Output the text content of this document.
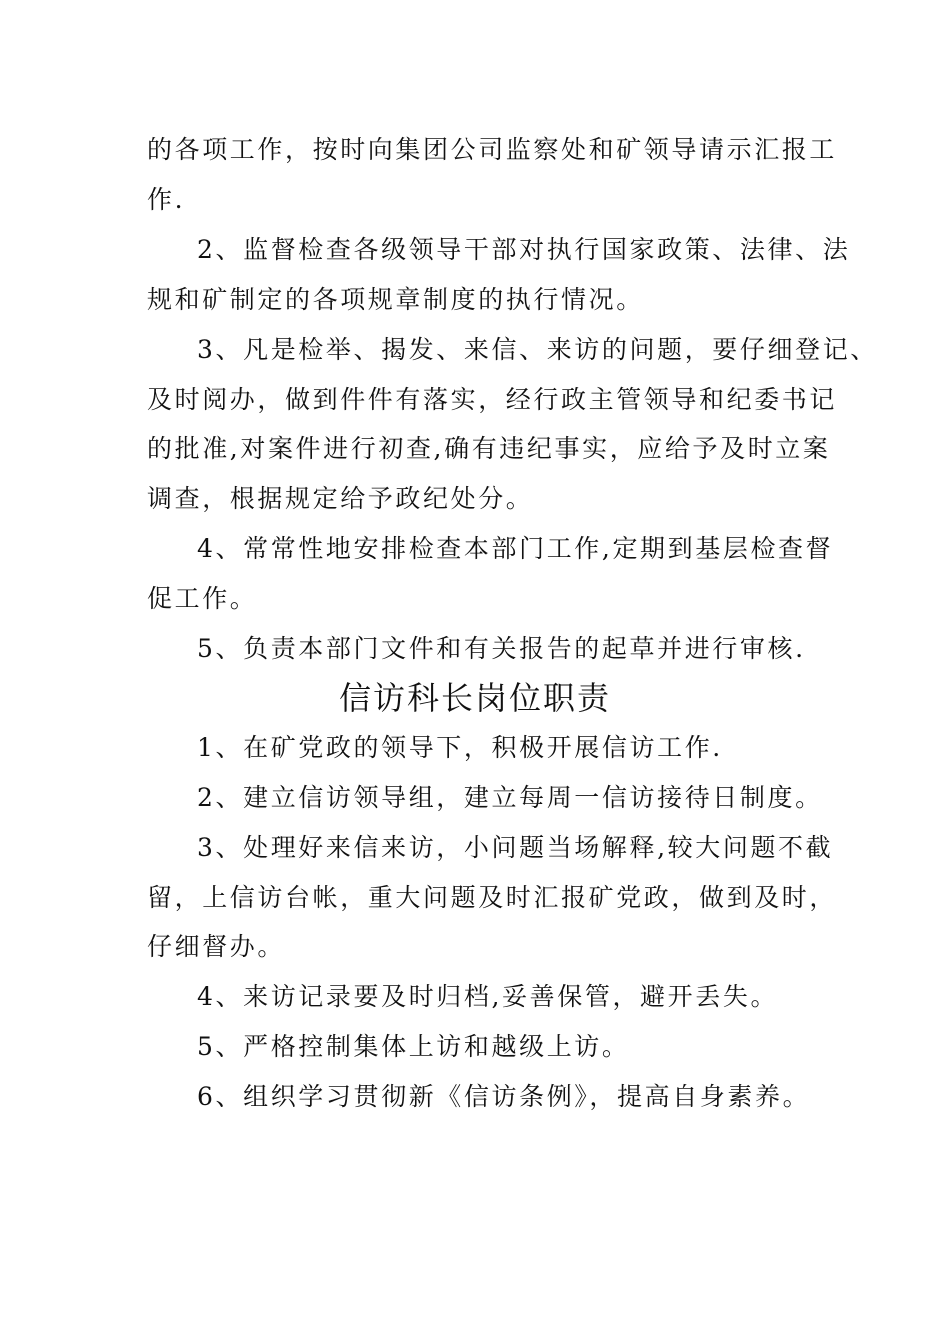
的各项工作，按时向集团公司监察处和矿领导请示汇报工
作.
2、监督检查各级领导干部对执行国家政策、法律、法
规和矿制定的各项规章制度的执行情况。
3、凡是检举、揭发、来信、来访的问题，要仔细登记、
及时阅办，做到件件有落实，经行政主管领导和纪委书记
的批准,对案件进行初查,确有违纪事实，应给予及时立案
调查，根据规定给予政纪处分。
4、常常性地安排检查本部门工作,定期到基层检查督
促工作。
5、负责本部门文件和有关报告的起草并进行审核.
信访科长岗位职责
1、在矿党政的领导下，积极开展信访工作.
2、建立信访领导组，建立每周一信访接待日制度。
3、处理好来信来访，小问题当场解释,较大问题不截
留，上信访台帐，重大问题及时汇报矿党政，做到及时，
仔细督办。
4、来访记录要及时归档,妥善保管，避开丢失。
5、严格控制集体上访和越级上访。
6、组织学习贯彻新《信访条例》，提高自身素养。
